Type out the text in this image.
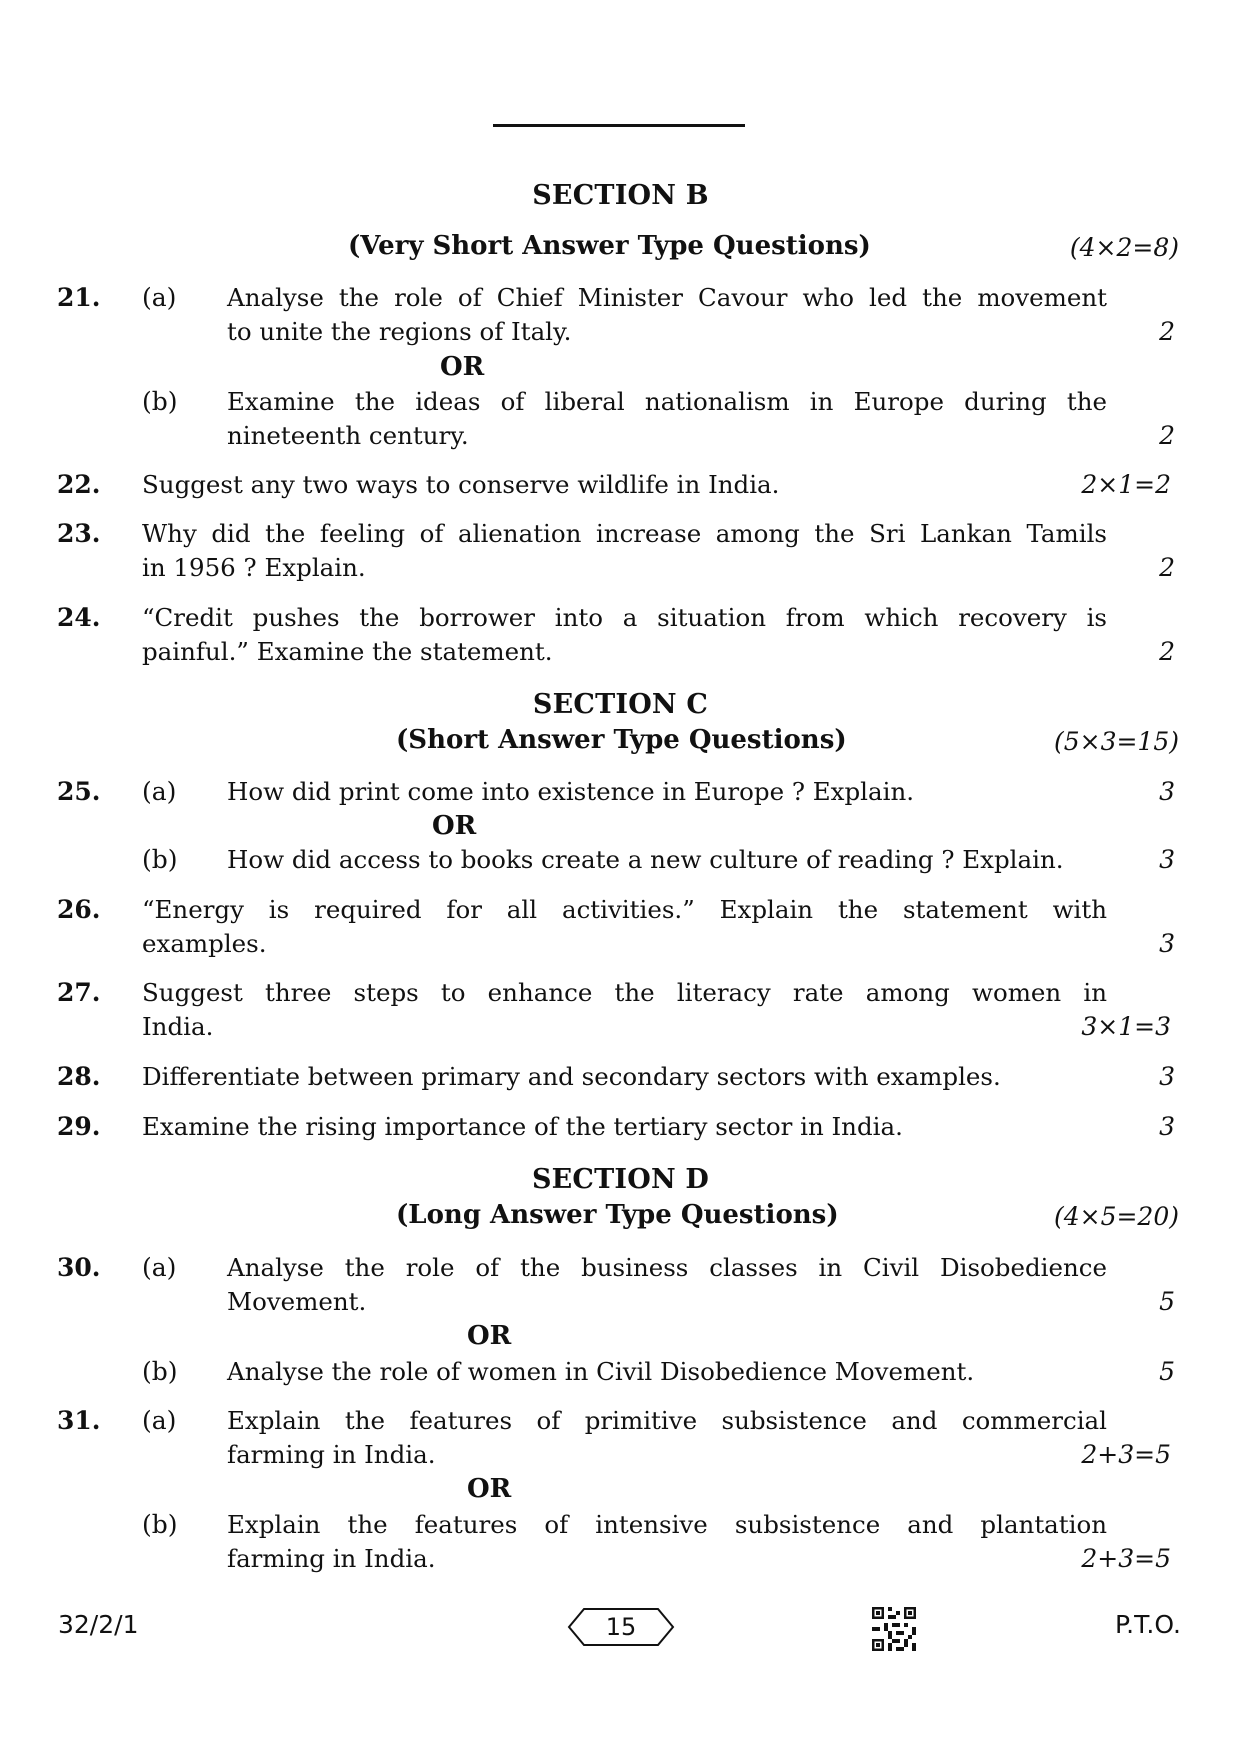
SECTION B
(Very Short Answer Type Questions)	(4×2=8)
21. (a) Analyse the role of Chief Minister Cavour who led the movement
to unite the regions of Italy.	2
OR
(b) Examine the ideas of liberal nationalism in Europe during the
nineteenth century.	2
22. Suggest any two ways to conserve wildlife in India.	2×1=2
23. Why did the feeling of alienation increase among the Sri Lankan Tamils
in 1956 ? Explain.	2
24. “Credit pushes the borrower into a situation from which recovery is
painful.” Examine the statement.	2
SECTION C
(Short Answer Type Questions)	(5×3=15)
25. (a) How did print come into existence in Europe ? Explain.	3
OR
(b) How did access to books create a new culture of reading ? Explain.	3
26. “Energy is required for all activities.” Explain the statement with
examples.	3
27. Suggest three steps to enhance the literacy rate among women in
India.	3×1=3
28. Differentiate between primary and secondary sectors with examples.	3
29. Examine the rising importance of the tertiary sector in India.	3
SECTION D
(Long Answer Type Questions)	(4×5=20)
30. (a) Analyse the role of the business classes in Civil Disobedience
Movement.	5
OR
(b) Analyse the role of women in Civil Disobedience Movement.	5
31. (a) Explain the features of primitive subsistence and commercial
farming in India.	2+3=5
OR
(b) Explain the features of intensive subsistence and plantation
farming in India.	2+3=5
32/2/1	15	P.T.O.
